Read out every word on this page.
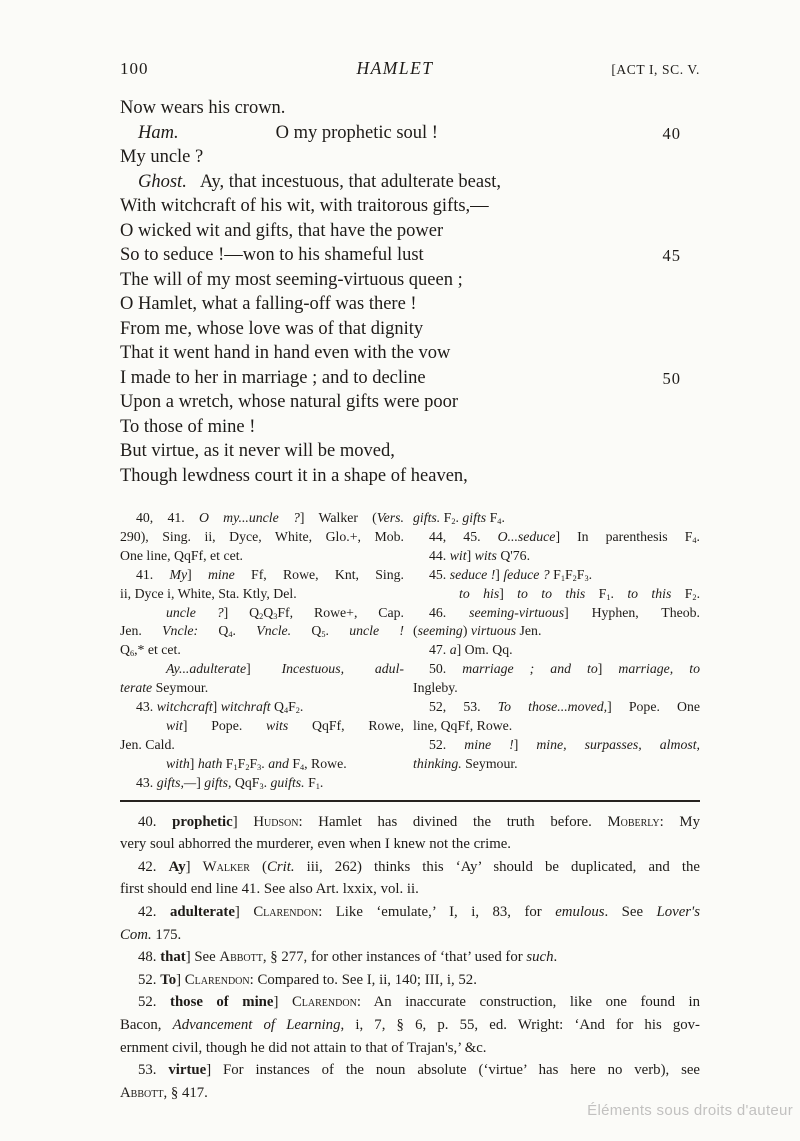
100	HAMLET	[ACT I, SC. V.
Now wears his crown.
Ham.	O my prophetic soul !	40
My uncle ?
Ghost. Ay, that incestuous, that adulterate beast,
With witchcraft of his wit, with traitorous gifts,—
O wicked wit and gifts, that have the power
So to seduce !—won to his shameful lust	45
The will of my most seeming-virtuous queen ;
O Hamlet, what a falling-off was there !
From me, whose love was of that dignity
That it went hand in hand even with the vow
I made to her in marriage ; and to decline	50
Upon a wretch, whose natural gifts were poor
To those of mine !
But virtue, as it never will be moved,
Though lewdness court it in a shape of heaven,
40, 41. O my...uncle ?] Walker (Vers.
290), Sing. ii, Dyce, White, Glo.+, Mob.
One line, QqFf, et cet.
41. My] mine Ff, Rowe, Knt, Sing.
ii, Dyce i, White, Sta. Ktly, Del.
uncle ?] $Q_2Q_3Ff$, Rowe+, Cap.
Jen. Vncle: $Q_4$. Vncle. $Q_5$. uncle !
$Q_6,*$ et cet.
Ay...adulterate] Incestuous, adul-
terate Seymour.
43. witchcraft] witchraft $Q_4F_2$.
wit] Pope. wits QqFf, Rowe,
Jen. Cald.
with] hath $F_1F_2F_3$. and $F_4$, Rowe.
43. gifts,—] gifts, QqF$_3$. guifts. $F_1$.
gifts. $F_2$. gifts $F_4$.
44, 45. O...seduce] In parenthesis $F_4$.
44. wit] wits Q'76.
45. seduce !] ſeduce ? $F_1F_2F_3$.
to his] to to this $F_1$. to this $F_2$.
46. seeming-virtuous] Hyphen, Theob.
(seeming) virtuous Jen.
47. a] Om. Qq.
50. marriage ; and to] marriage, to
Ingleby.
52, 53. To those...moved,] Pope. One
line, QqFf, Rowe.
52. mine !] mine, surpasses, almost,
thinking. Seymour.
40. prophetic] Hudson: Hamlet has divined the truth before. Moberly: My
very soul abhorred the murderer, even when I knew not the crime.
42. Ay] Walker (Crit. iii, 262) thinks this ‘Ay’ should be duplicated, and the
first should end line 41. See also Art. lxxix, vol. ii.
42. adulterate] Clarendon: Like ‘emulate,’ I, i, 83, for emulous. See Lover's
Com. 175.
48. that] See Abbott, § 277, for other instances of ‘that’ used for such.
52. To] Clarendon: Compared to. See I, ii, 140; III, i, 52.
52. those of mine] Clarendon: An inaccurate construction, like one found in
Bacon, Advancement of Learning, i, 7, § 6, p. 55, ed. Wright: ‘And for his gov-
ernment civil, though he did not attain to that of Trajan's,’ &c.
53. virtue] For instances of the noun absolute (‘virtue’ has here no verb), see
Abbott, § 417.
Éléments sous droits d'auteur
